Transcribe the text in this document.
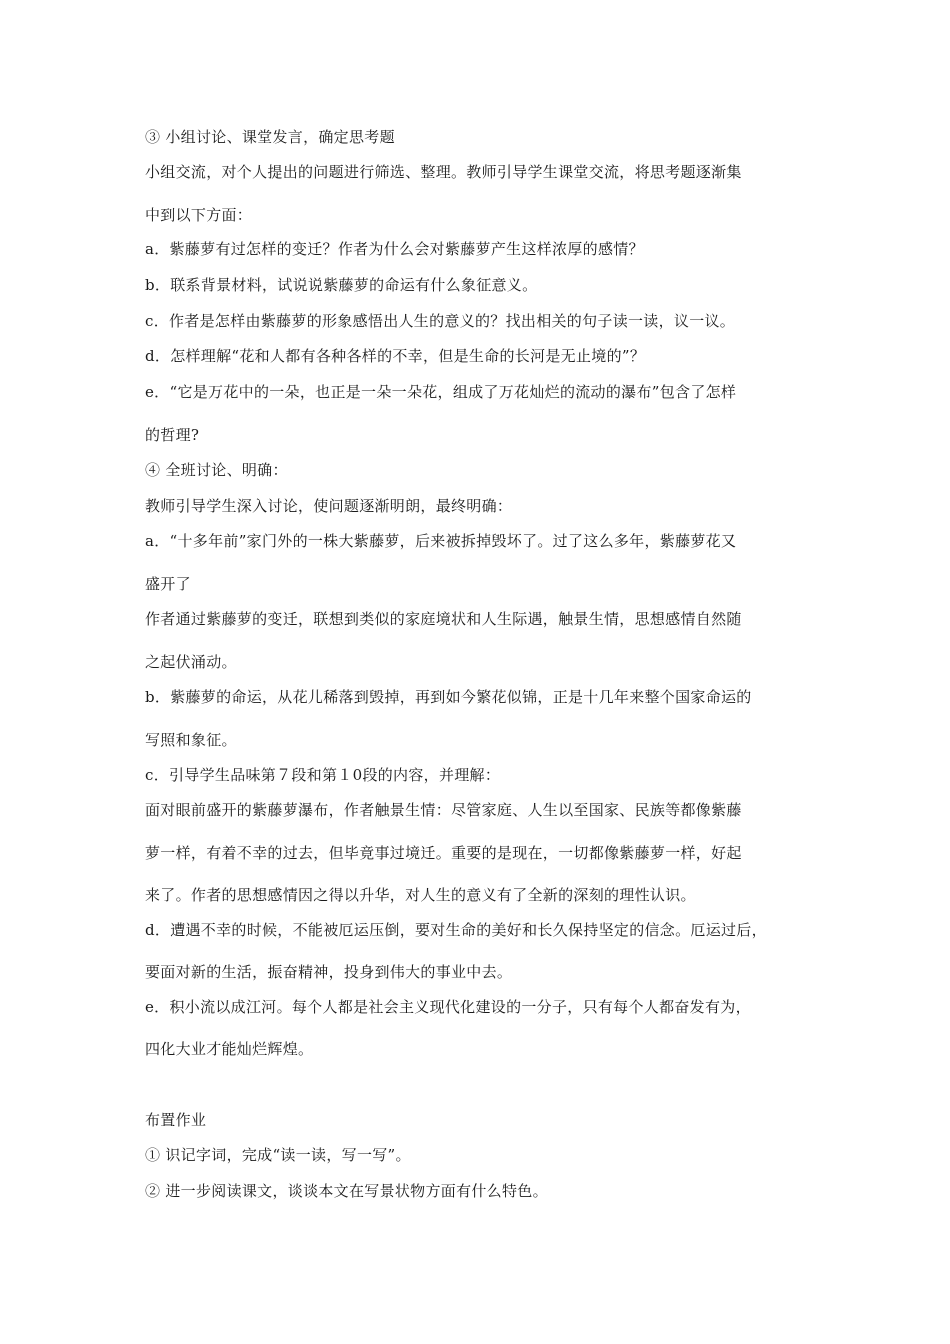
③ 小组讨论、课堂发言，确定思考题
小组交流，对个人提出的问题进行筛选、整理。教师引导学生课堂交流，将思考题逐渐集
中到以下方面：
a．紫藤萝有过怎样的变迁？作者为什么会对紫藤萝产生这样浓厚的感情？
b．联系背景材料，试说说紫藤萝的命运有什么象征意义。
c．作者是怎样由紫藤萝的形象感悟出人生的意义的？找出相关的句子读一读，议一议。
d．怎样理解“花和人都有各种各样的不幸，但是生命的长河是无止境的”？
e．“它是万花中的一朵，也正是一朵一朵花，组成了万花灿烂的流动的瀑布”包含了怎样
的哲理?
④ 全班讨论、明确：
教师引导学生深入讨论，使问题逐渐明朗，最终明确：
a．“十多年前”家门外的一株大紫藤萝，后来被拆掉毁坏了。过了这么多年，紫藤萝花又
盛开了
作者通过紫藤萝的变迁，联想到类似的家庭境状和人生际遇，触景生情，思想感情自然随
之起伏涌动。
b．紫藤萝的命运，从花儿稀落到毁掉，再到如今繁花似锦，正是十几年来整个国家命运的
写照和象征。
c．引导学生品味第７段和第１0段的内容，并理解：
面对眼前盛开的紫藤萝瀑布，作者触景生情：尽管家庭、人生以至国家、民族等都像紫藤
萝一样，有着不幸的过去，但毕竟事过境迁。重要的是现在，一切都像紫藤萝一样，好起
来了。作者的思想感情因之得以升华，对人生的意义有了全新的深刻的理性认识。
d．遭遇不幸的时候，不能被厄运压倒，要对生命的美好和长久保持坚定的信念。厄运过后，
要面对新的生活，振奋精神，投身到伟大的事业中去。
e．积小流以成江河。每个人都是社会主义现代化建设的一分子，只有每个人都奋发有为，
四化大业才能灿烂辉煌。
布置作业
① 识记字词，完成“读一读，写一写”。
② 进一步阅读课文，谈谈本文在写景状物方面有什么特色。
